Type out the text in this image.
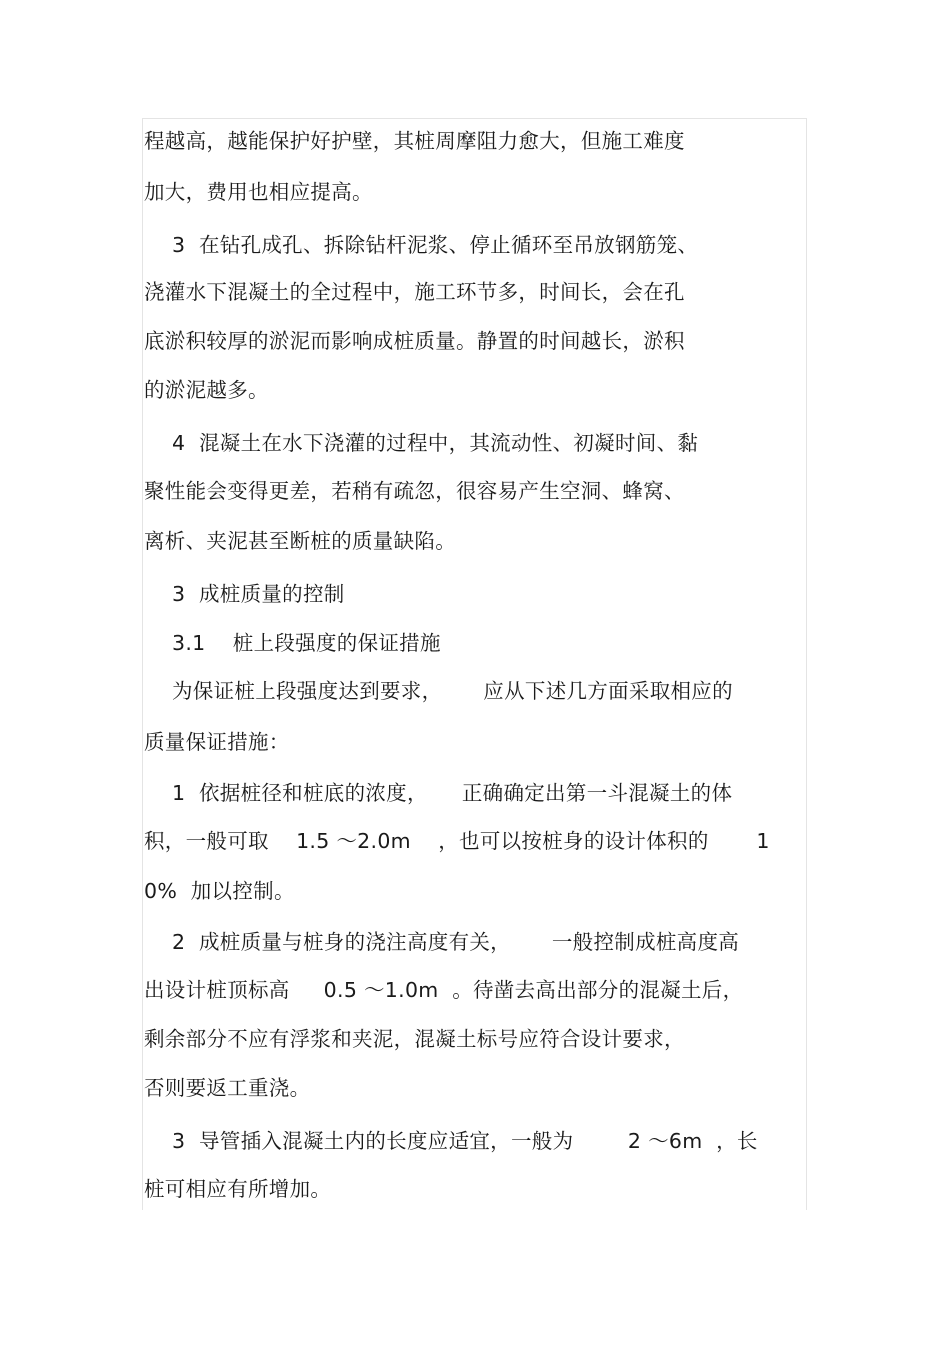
程越高，越能保护好护壁，其桩周摩阻力愈大，但施工难度
加大，费用也相应提高。
3  在钻孔成孔、拆除钻杆泥浆、停止循环至吊放钢筋笼、
浇灌水下混凝土的全过程中，施工环节多，时间长，会在孔
底淤积较厚的淤泥而影响成桩质量。静置的时间越长，淤积
的淤泥越多。
4  混凝土在水下浇灌的过程中，其流动性、初凝时间、黏
聚性能会变得更差，若稍有疏忽，很容易产生空洞、蜂窝、
离析、夹泥甚至断桩的质量缺陷。
3  成桩质量的控制
3.1    桩上段强度的保证措施
为保证桩上段强度达到要求，      应从下述几方面采取相应的
质量保证措施：
1  依据桩径和桩底的浓度，     正确确定出第一斗混凝土的体
积，一般可取    1.5 ～2.0m    ，也可以按桩身的设计体积的       1
0%  加以控制。
2  成桩质量与桩身的浇注高度有关，      一般控制成桩高度高
出设计桩顶标高     0.5 ～1.0m  。待凿去高出部分的混凝土后，
剩余部分不应有浮浆和夹泥，混凝土标号应符合设计要求，
否则要返工重浇。
3  导管插入混凝土内的长度应适宜，一般为        2 ～6m  ，长
桩可相应有所增加。
